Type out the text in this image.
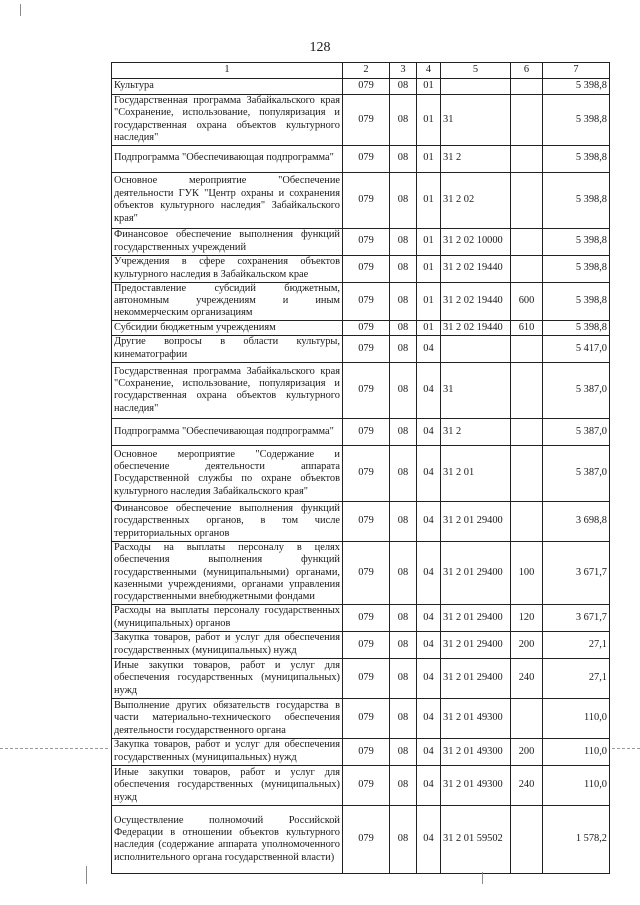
128
1	2	3	4	5	6	7
Культура	079	08	01			5 398,8
Государственная программа Забайкальского края "Сохранение, использование, популяризация и государственная охрана объектов культурного наследия"	079	08	01	31		5 398,8
Подпрограмма "Обеспечивающая подпрограмма"	079	08	01	31 2		5 398,8
Основное мероприятие "Обеспечение деятельности ГУК "Центр охраны и сохранения объектов культурного наследия" Забайкальского края"	079	08	01	31 2 02		5 398,8
Финансовое обеспечение выполнения функций государственных учреждений	079	08	01	31 2 02 10000		5 398,8
Учреждения в сфере сохранения объектов культурного наследия в Забайкальском крае	079	08	01	31 2 02 19440		5 398,8
Предоставление субсидий бюджетным, автономным учреждениям и иным некоммерческим организациям	079	08	01	31 2 02 19440	600	5 398,8
Субсидии бюджетным учреждениям	079	08	01	31 2 02 19440	610	5 398,8
Другие вопросы в области культуры, кинематографии	079	08	04			5 417,0
Государственная программа Забайкальского края "Сохранение, использование, популяризация и государственная охрана объектов культурного наследия"	079	08	04	31		5 387,0
Подпрограмма "Обеспечивающая подпрограмма"	079	08	04	31 2		5 387,0
Основное мероприятие "Содержание и обеспечение деятельности аппарата Государственной службы по охране объектов культурного наследия Забайкальского края"	079	08	04	31 2 01		5 387,0
Финансовое обеспечение выполнения функций государственных органов, в том числе территориальных органов	079	08	04	31 2 01 29400		3 698,8
Расходы на выплаты персоналу в целях обеспечения выполнения функций государственными (муниципальными) органами, казенными учреждениями, органами управления государственными внебюджетными фондами	079	08	04	31 2 01 29400	100	3 671,7
Расходы на выплаты персоналу государственных (муниципальных) органов	079	08	04	31 2 01 29400	120	3 671,7
Закупка товаров, работ и услуг для обеспечения государственных (муниципальных) нужд	079	08	04	31 2 01 29400	200	27,1
Иные закупки товаров, работ и услуг для обеспечения государственных (муниципальных) нужд	079	08	04	31 2 01 29400	240	27,1
Выполнение других обязательств государства в части материально-технического обеспечения деятельности государственного органа	079	08	04	31 2 01 49300		110,0
Закупка товаров, работ и услуг для обеспечения государственных (муниципальных) нужд	079	08	04	31 2 01 49300	200	110,0
Иные закупки товаров, работ и услуг для обеспечения государственных (муниципальных) нужд	079	08	04	31 2 01 49300	240	110,0
Осуществление полномочий Российской Федерации в отношении объектов культурного наследия (содержание аппарата уполномоченного исполнительного органа государственной власти)	079	08	04	31 2 01 59502		1 578,2
